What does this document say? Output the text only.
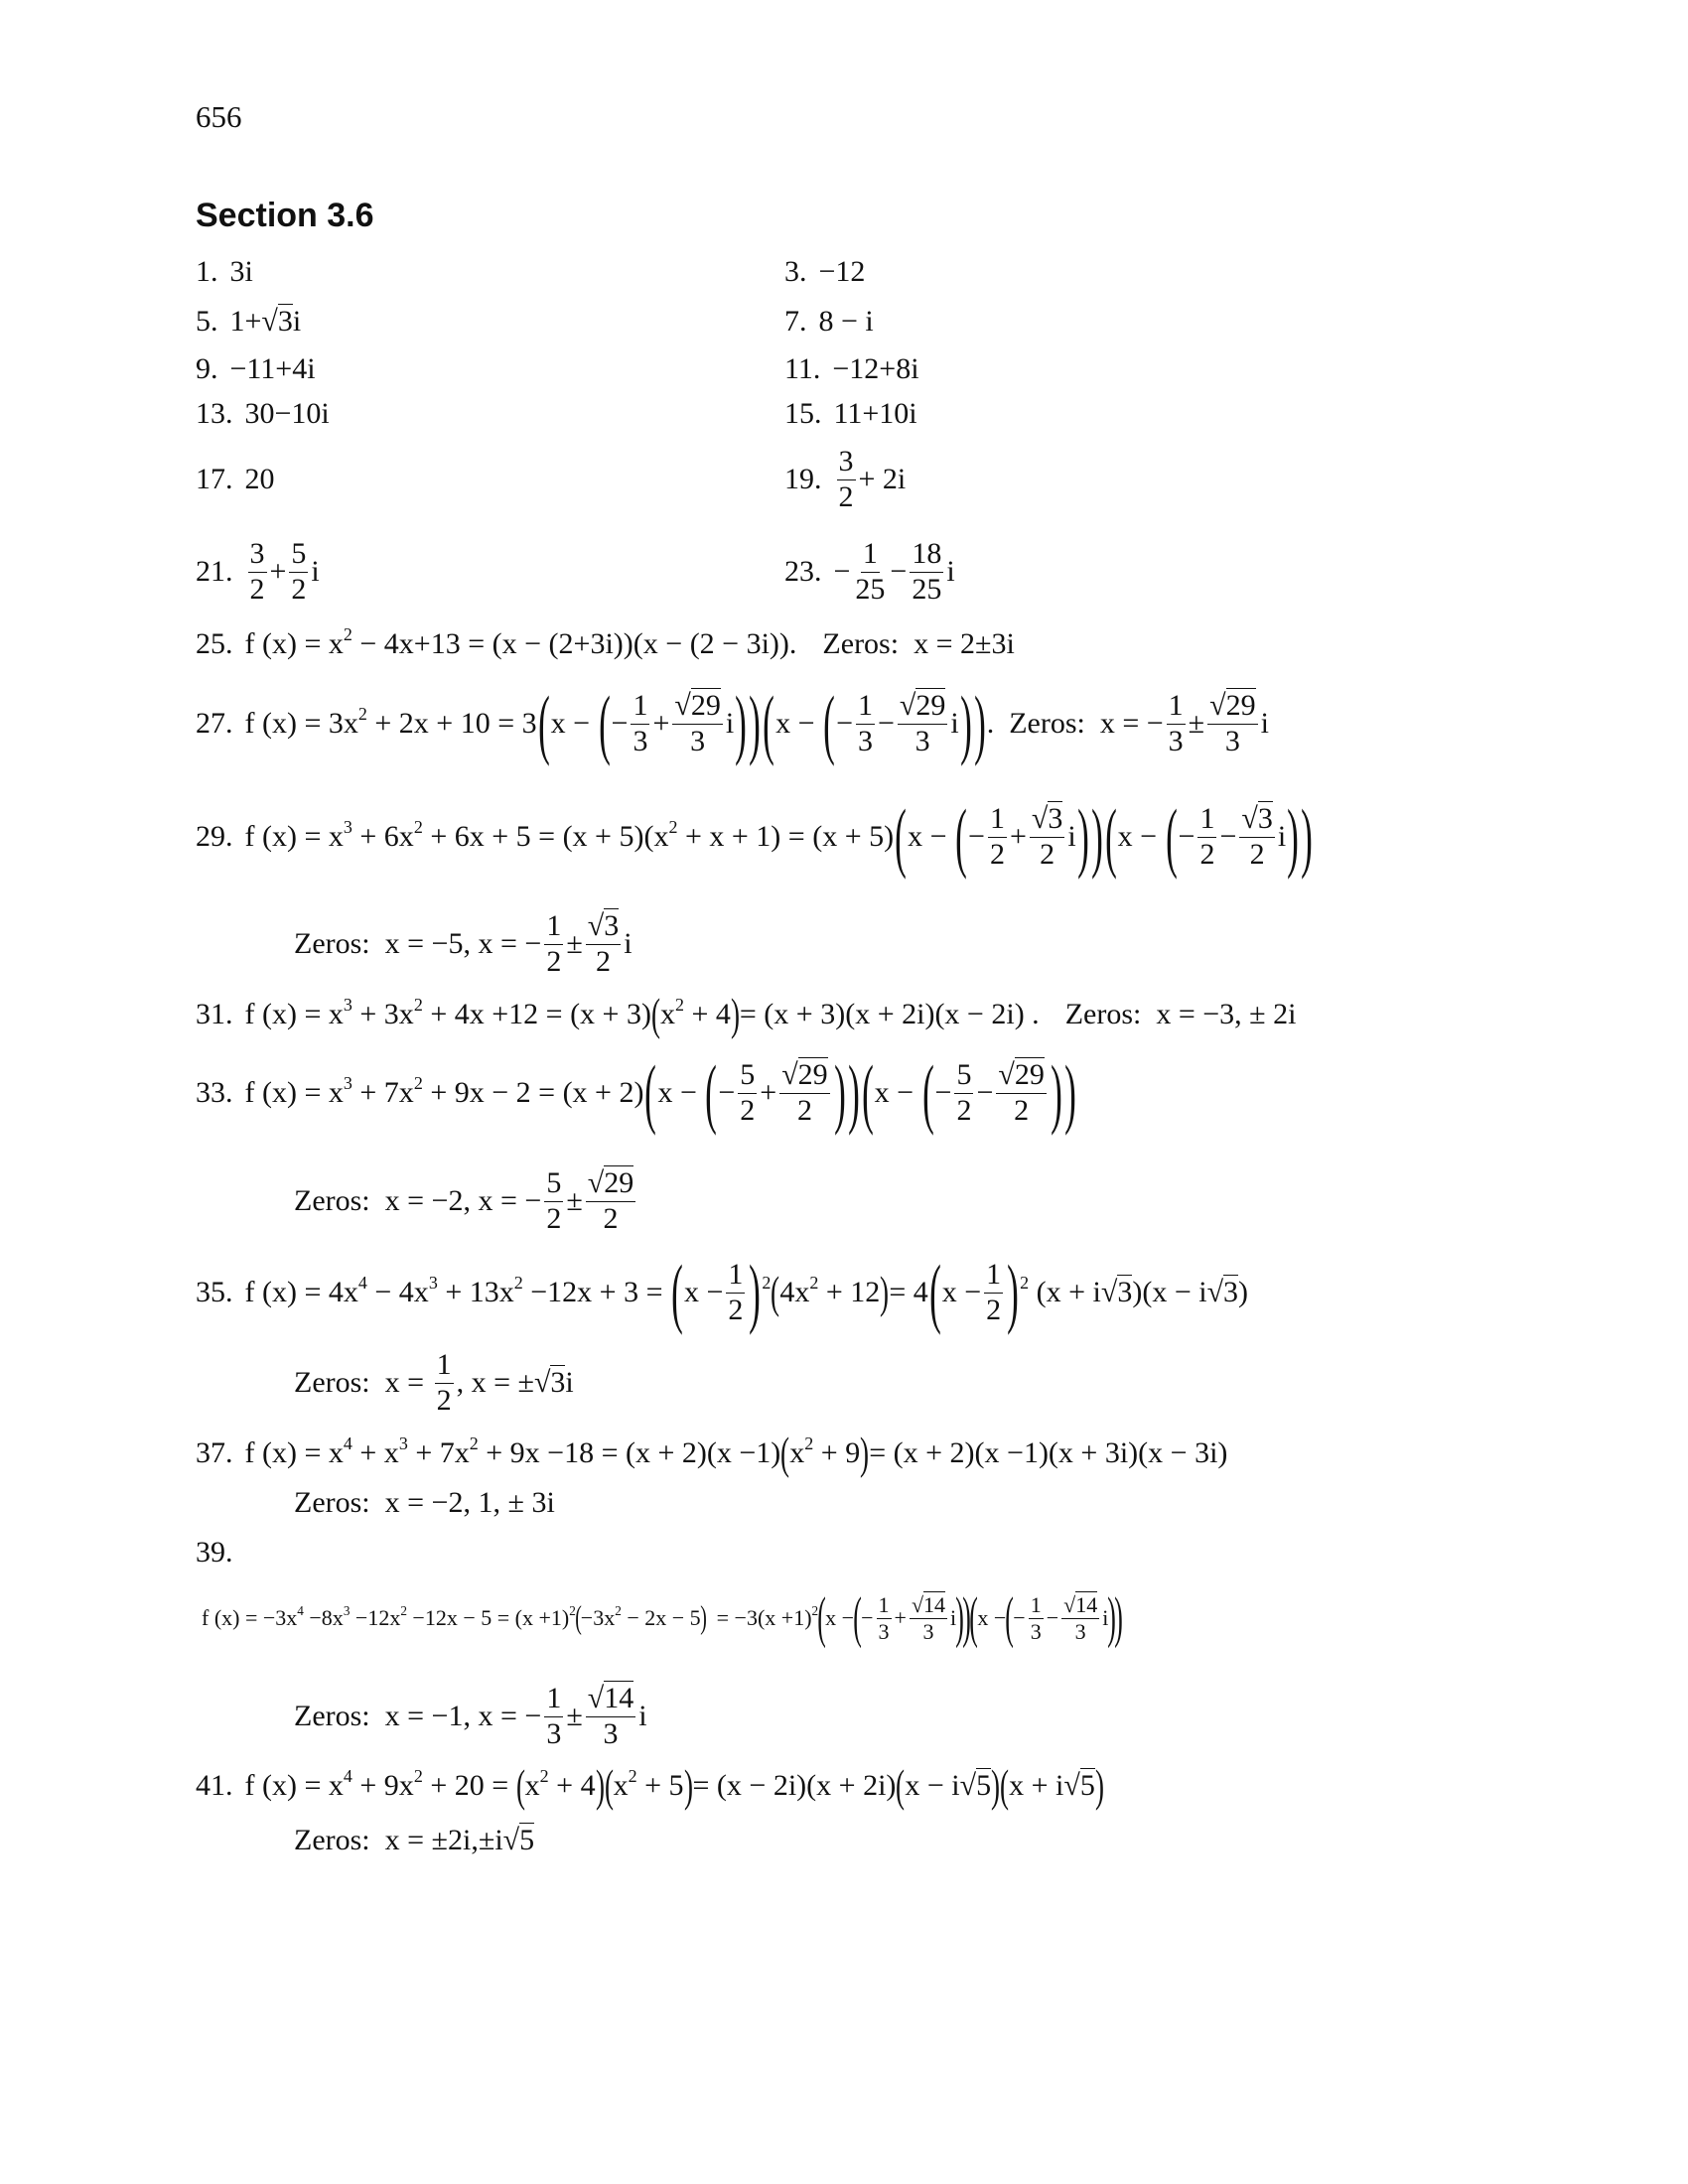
656
Section 3.6
1. 3i	3. −12
5. 1+ √3 i	7. 8 − i
9. −11+4i	11. −12+8i
13. 30−10i	15. 11+10i
17. 20	19. $\frac{3}{2} + 2i$
21. $\frac{3}{2} + \frac{5}{2}$ i	23. − $\frac{1}{25} - \frac{18}{25}$ i
25. f (x) = x 2 − 4x+13 = (x − (2+3i))(x − (2 − 3i)). Zeros:  x = 2±3i
27. f (x) = 3x 2 + 2x + 10 = 3 ( x − ( − $\frac{1}{3} + \frac{√29}{3}$ i ) ) ( x − ( − $\frac{1}{3} - \frac{√29}{3}$ i ) ) .  Zeros:  x = − $\frac{1}{3} \pm \frac{√29}{3}$ i
29. f (x) = x 3 + 6x 2 + 6x + 5 = (x + 5)(x 2 + x + 1) = (x + 5) ( x − ( − $\frac{1}{2} + \frac{√3}{2}$ i ) ) ( x − ( − $\frac{1}{2} - \frac{√3}{2}$ i ) )
Zeros:  x = −5, x = − $\frac{1}{2} \pm \frac{√3}{2}$ i
31. f (x) = x 3 + 3x 2 + 4x +12 = (x + 3) ( x 2 + 4 ) = (x + 3)(x + 2i)(x − 2i) . Zeros:  x = −3, ± 2i
33. f (x) = x 3 + 7x 2 + 9x − 2 = (x + 2) ( x − ( − $\frac{5}{2} + \frac{√29}{2}$ ) ) ( x − ( − $\frac{5}{2} - \frac{√29}{2}$ ) )
Zeros:  x = −2, x = − $\frac{5}{2} \pm \frac{√29}{2}$
35. f (x) = 4x 4 − 4x 3 + 13x 2 −12x + 3 = ( $x - \frac{1}{2}$ ) 2 ( 4x 2 + 12 ) = 4 ( $x - \frac{1}{2}$ ) 2 (x + i √3 )(x − i √3 )
Zeros:  $x = \frac{1}{2}$ , x = ± √3 i
37. f (x) = x 4 + x 3 + 7x 2 + 9x −18 = (x + 2)(x −1) ( x 2 + 9 ) = (x + 2)(x −1)(x + 3i)(x − 3i)
Zeros:  x = −2, 1, ± 3i
39.
f (x) = −3x 4 −8x 3 −12x 2 −12x − 5 = (x +1) 2 ( −3x 2 − 2x − 5 ) = −3(x +1) 2 ( x − ( − $\frac{1}{3} + \frac{√14}{3}$ i )
)
( x − ( − $\frac{1}{3} - \frac{√14}{3}$ i )
)
Zeros:  x = −1, x = − $\frac{1}{3} \pm \frac{√14}{3}$ i
41. f (x) = x 4 + 9x 2 + 20 = ( x 2 + 4 ) ( x 2 + 5 ) = (x − 2i)(x + 2i) ( x − i √5 ) ( x + i √5 )
Zeros:  x = ±2i,±i √5
